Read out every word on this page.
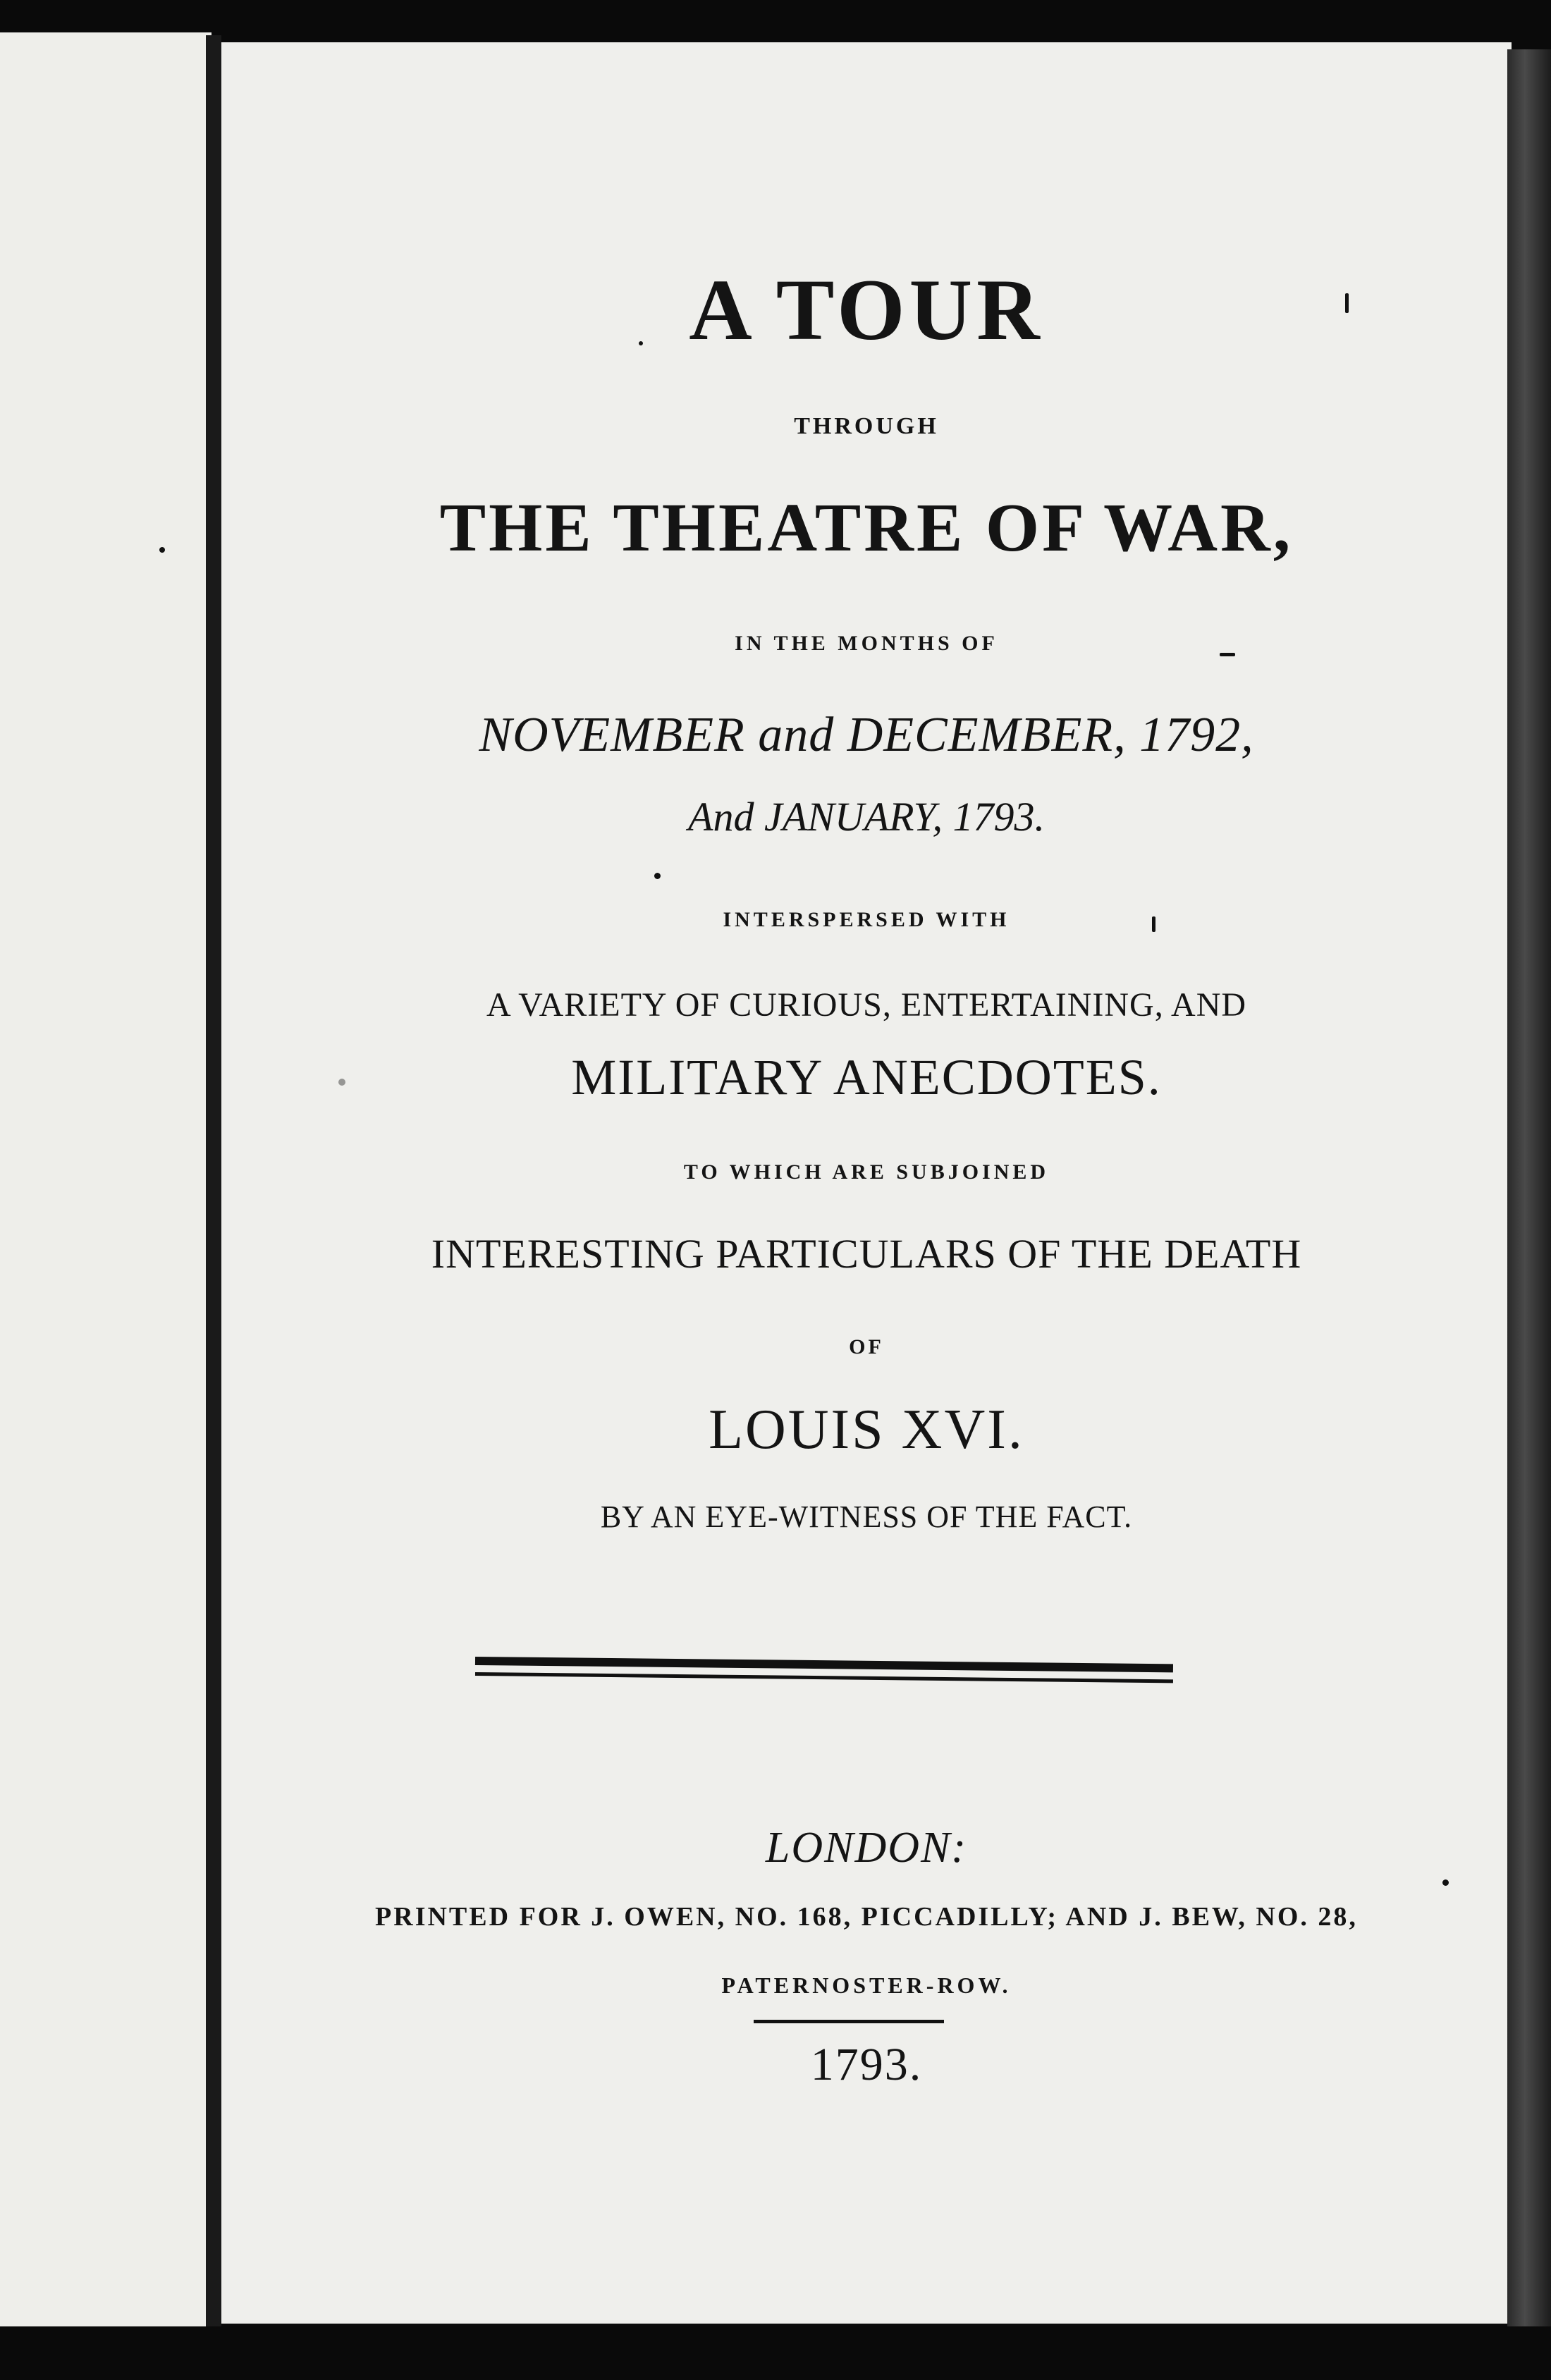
A TOUR
THROUGH
THE THEATRE OF WAR,
IN THE MONTHS OF
NOVEMBER and DECEMBER, 1792,
And JANUARY, 1793.
INTERSPERSED WITH
A VARIETY OF CURIOUS, ENTERTAINING, AND
MILITARY ANECDOTES.
TO WHICH ARE SUBJOINED
INTERESTING PARTICULARS OF THE DEATH
OF
LOUIS XVI.
BY AN EYE-WITNESS OF THE FACT.
LONDON:
PRINTED FOR J. OWEN, NO. 168, PICCADILLY; AND J. BEW, NO. 28,
PATERNOSTER-ROW.
1793.
